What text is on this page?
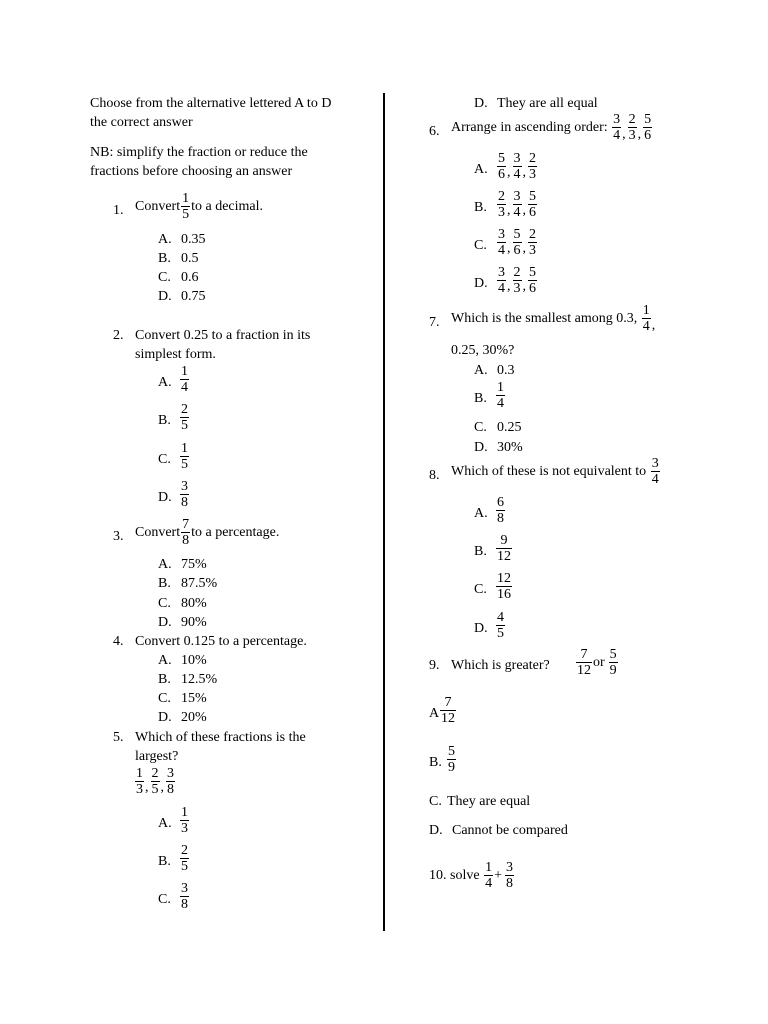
Choose from the alternative lettered A to D
the correct answer
NB: simplify the fraction or reduce the
fractions before choosing an answer
1. Convert $\frac{1}{5}$ to a decimal.
A. 0.35
B. 0.5
C. 0.6
D. 0.75
2. Convert 0.25 to a fraction in its
simplest form.
A. $\frac{1}{4}$
B. $\frac{2}{5}$
C. $\frac{1}{5}$
D. $\frac{3}{8}$
3. Convert $\frac{7}{8}$ to a percentage.
A. 75%
B. 87.5%
C. 80%
D. 90%
4. Convert 0.125 to a percentage.
A. 10%
B. 12.5%
C. 15%
D. 20%
5. Which of these fractions is the
largest?
$\frac{1}{3}$ , $\frac{2}{5}$ , $\frac{3}{8}$
A. $\frac{1}{3}$
B. $\frac{2}{5}$
C. $\frac{3}{8}$
D. They are all equal
6. Arrange in ascending order: $\frac{3}{4}$ , $\frac{2}{3}$ , $\frac{5}{6}$
A. $\frac{5}{6}$ , $\frac{3}{4}$ , $\frac{2}{3}$
B. $\frac{2}{3}$ , $\frac{3}{4}$ , $\frac{5}{6}$
C. $\frac{3}{4}$ , $\frac{5}{6}$ , $\frac{2}{3}$
D. $\frac{3}{4}$ , $\frac{2}{3}$ , $\frac{5}{6}$
7. Which is the smallest among 0.3, $\frac{1}{4}$ ,
0.25, 30%?
A. 0.3
B. $\frac{1}{4}$
C. 0.25
D. 30%
8. Which of these is not equivalent to $\frac{3}{4}$
A. $\frac{6}{8}$
B. $\frac{9}{12}$
C. $\frac{12}{16}$
D. $\frac{4}{5}$
9. Which is greater? $\frac{7}{12}$ or $\frac{5}{9}$
A $\frac{7}{12}$
B. $\frac{5}{9}$
C. They are equal
D. Cannot be compared
10. solve $\frac{1}{4} + \frac{3}{8}$
